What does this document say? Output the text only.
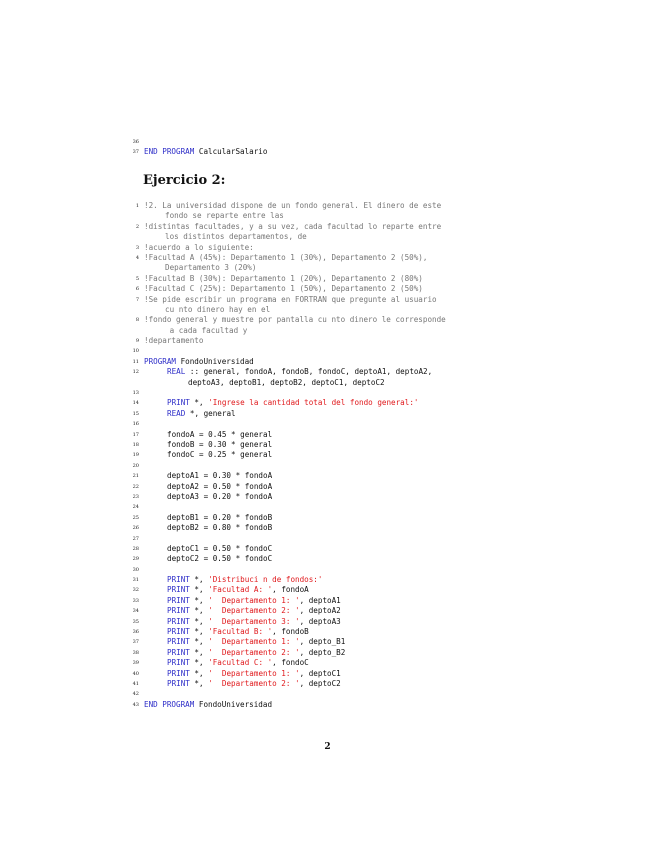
36
37 END PROGRAM CalcularSalario
Ejercicio 2:
1 !2. La universidad dispone de un fondo general. El dinero de este
fondo se reparte entre las
2 !distintas facultades, y a su vez, cada facultad lo reparte entre
los distintos departamentos, de
3 !acuerdo a lo siguiente:
4 !Facultad A (45%): Departamento 1 (30%), Departamento 2 (50%),
Departamento 3 (20%)
5 !Facultad B (30%): Departamento 1 (20%), Departamento 2 (80%)
6 !Facultad C (25%): Departamento 1 (50%), Departamento 2 (50%)
7 !Se pide escribir un programa en FORTRAN que pregunte al usuario
cu nto dinero hay en el
8 !fondo general y muestre por pantalla cu nto dinero le corresponde
a cada facultad y
9 !departamento
10
11 PROGRAM FondoUniversidad
12	REAL :: general, fondoA, fondoB, fondoC, deptoA1, deptoA2,
deptoA3, deptoB1, deptoB2, deptoC1, deptoC2
13
14	PRINT *, 'Ingrese la cantidad total del fondo general:'
15	READ *, general
16
17	fondoA = 0.45 * general
18	fondoB = 0.30 * general
19	fondoC = 0.25 * general
20
21	deptoA1 = 0.30 * fondoA
22	deptoA2 = 0.50 * fondoA
23	deptoA3 = 0.20 * fondoA
24
25	deptoB1 = 0.20 * fondoB
26	deptoB2 = 0.80 * fondoB
27
28	deptoC1 = 0.50 * fondoC
29	deptoC2 = 0.50 * fondoC
30
31	PRINT *, 'Distribuci n de fondos:'
32	PRINT *, 'Facultad A: ', fondoA
33	PRINT *, '  Departamento 1: ', deptoA1
34	PRINT *, '  Departamento 2: ', deptoA2
35	PRINT *, '  Departamento 3: ', deptoA3
36	PRINT *, 'Facultad B: ', fondoB
37	PRINT *, '  Departamento 1: ', depto_B1
38	PRINT *, '  Departamento 2: ', depto_B2
39	PRINT *, 'Facultad C: ', fondoC
40	PRINT *, '  Departamento 1: ', deptoC1
41	PRINT *, '  Departamento 2: ', deptoC2
42
43 END PROGRAM FondoUniversidad
2
